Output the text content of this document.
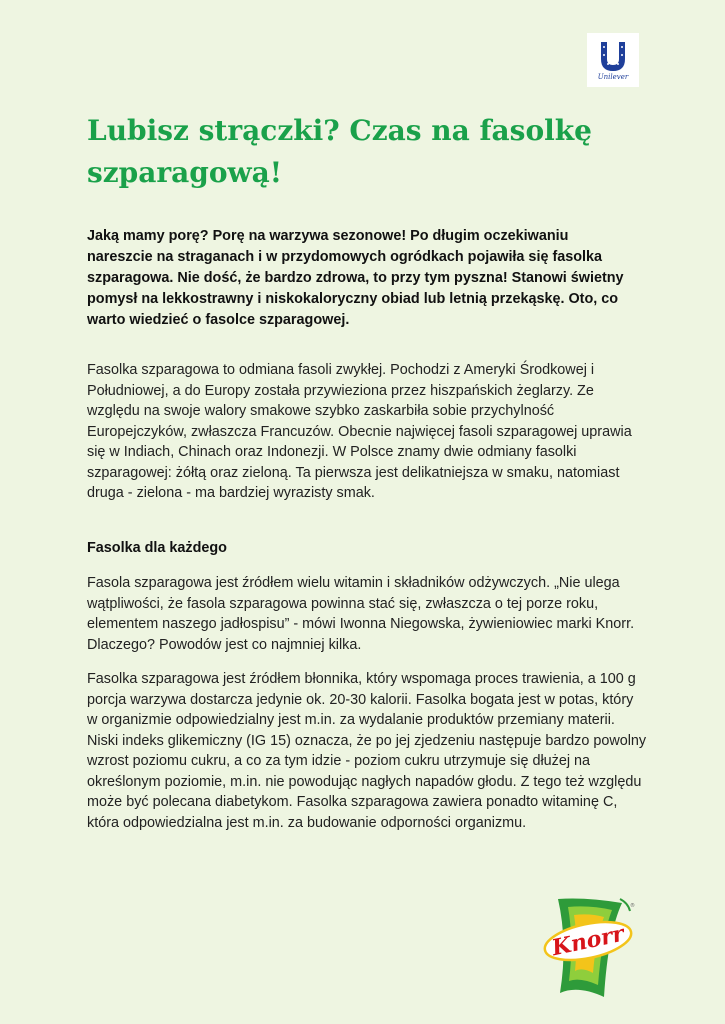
Unilever
Lubisz strączki? Czas na fasolkę szparagową!

Jaką mamy porę? Porę na warzywa sezonowe! Po długim oczekiwaniu nareszcie na straganach i w przydomowych ogródkach pojawiła się fasolka szparagowa. Nie dość, że bardzo zdrowa, to przy tym pyszna! Stanowi świetny pomysł na lekkostrawny i niskokaloryczny obiad lub letnią przekąskę. Oto, co warto wiedzieć o fasolce szparagowej.

Fasolka szparagowa to odmiana fasoli zwykłej. Pochodzi z Ameryki Środkowej i Południowej, a do Europy została przywieziona przez hiszpańskich żeglarzy. Ze względu na swoje walory smakowe szybko zaskarbiła sobie przychylność Europejczyków, zwłaszcza Francuzów. Obecnie najwięcej fasoli szparagowej uprawia się w Indiach, Chinach oraz Indonezji. W Polsce znamy dwie odmiany fasolki szparagowej: żółtą oraz zieloną. Ta pierwsza jest delikatniejsza w smaku, natomiast druga - zielona - ma bardziej wyrazisty smak.

Fasolka dla każdego

Fasola szparagowa jest źródłem wielu witamin i składników odżywczych. „Nie ulega wątpliwości, że fasola szparagowa powinna stać się, zwłaszcza o tej porze roku, elementem naszego jadłospisu” - mówi Iwonna Niegowska, żywieniowiec marki Knorr. Dlaczego? Powodów jest co najmniej kilka.

Fasolka szparagowa jest źródłem błonnika, który wspomaga proces trawienia, a 100 g porcja warzywa dostarcza jedynie ok. 20-30 kalorii. Fasolka bogata jest w potas, który w organizmie odpowiedzialny jest m.in. za wydalanie produktów przemiany materii. Niski indeks glikemiczny (IG 15) oznacza, że po jej zjedzeniu następuje bardzo powolny wzrost poziomu cukru, a co za tym idzie - poziom cukru utrzymuje się dłużej na określonym poziomie, m.in. nie powodując nagłych napadów głodu. Z tego też względu może być polecana diabetykom. Fasolka szparagowa zawiera ponadto witaminę C, która odpowiedzialna jest m.in. za budowanie odporności organizmu.

®
Knorr
